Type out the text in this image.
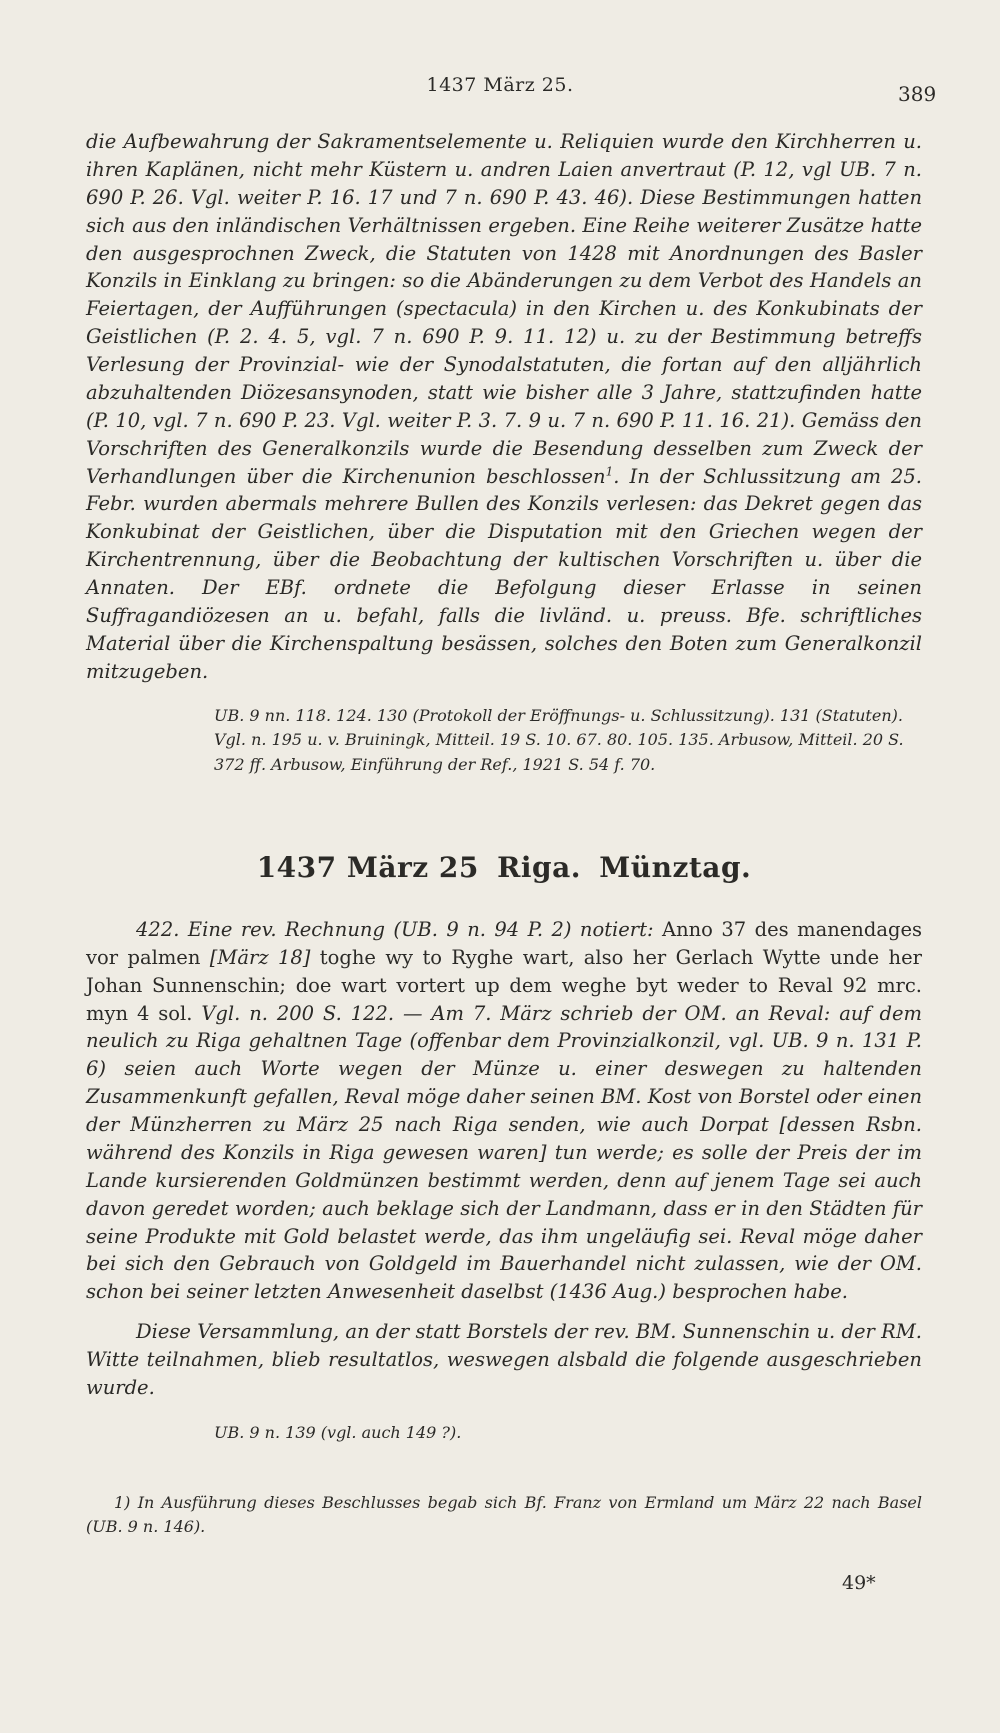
1437 März 25.	389

die Aufbewahrung der Sakramentselemente u. Reliquien wurde den Kirchherren u. ihren Kaplänen, nicht mehr Küstern u. andren Laien anvertraut (P. 12, vgl UB. 7 n. 690 P. 26. Vgl. weiter P. 16. 17 und 7 n. 690 P. 43. 46). Diese Bestimmungen hatten sich aus den inländischen Verhältnissen ergeben. Eine Reihe weiterer Zusätze hatte den ausgesprochnen Zweck, die Statuten von 1428 mit Anordnungen des Basler Konzils in Einklang zu bringen: so die Abänderungen zu dem Verbot des Handels an Feiertagen, der Aufführungen (spectacula) in den Kirchen u. des Konkubinats der Geistlichen (P. 2. 4. 5, vgl. 7 n. 690 P. 9. 11. 12) u. zu der Bestimmung betreffs Verlesung der Provinzial- wie der Synodalstatuten, die fortan auf den alljährlich abzuhaltenden Diözesansynoden, statt wie bisher alle 3 Jahre, stattzufinden hatte (P. 10, vgl. 7 n. 690 P. 23. Vgl. weiter P. 3. 7. 9 u. 7 n. 690 P. 11. 16. 21). Gemäss den Vorschriften des Generalkonzils wurde die Besendung desselben zum Zweck der Verhandlungen über die Kirchenunion beschlossen$^1$. In der Schlussitzung am 25. Febr. wurden abermals mehrere Bullen des Konzils verlesen: das Dekret gegen das Konkubinat der Geistlichen, über die Disputation mit den Griechen wegen der Kirchentrennung, über die Beobachtung der kultischen Vorschriften u. über die Annaten. Der EBf. ordnete die Befolgung dieser Erlasse in seinen Suffragandiözesen an u. befahl, falls die livländ. u. preuss. Bfe. schriftliches Material über die Kirchenspaltung besässen, solches den Boten zum Generalkonzil mitzugeben.

UB. 9 nn. 118. 124. 130 (Protokoll der Eröffnungs- u. Schlussitzung). 131 (Statuten). Vgl. n. 195 u. v. Bruiningk, Mitteil. 19 S. 10. 67. 80. 105. 135. Arbusow, Mitteil. 20 S. 372 ff. Arbusow, Einführung der Ref., 1921 S. 54 f. 70.

1437 März 25 Riga. Münztag.

422. Eine rev. Rechnung (UB. 9 n. 94 P. 2) notiert: Anno 37 des manendages vor palmen [März 18] toghe wy to Ryghe wart, also her Gerlach Wytte unde her Johan Sunnenschin; doe wart vortert up dem weghe byt weder to Reval 92 mrc. myn 4 sol. Vgl. n. 200 S. 122. — Am 7. März schrieb der OM. an Reval: auf dem neulich zu Riga gehaltnen Tage (offenbar dem Provinzialkonzil, vgl. UB. 9 n. 131 P. 6) seien auch Worte wegen der Münze u. einer deswegen zu haltenden Zusammenkunft gefallen, Reval möge daher seinen BM. Kost von Borstel oder einen der Münzherren zu März 25 nach Riga senden, wie auch Dorpat [dessen Rsbn. während des Konzils in Riga gewesen waren] tun werde; es solle der Preis der im Lande kursierenden Goldmünzen bestimmt werden, denn auf jenem Tage sei auch davon geredet worden; auch beklage sich der Landmann, dass er in den Städten für seine Produkte mit Gold belastet werde, das ihm ungeläufig sei. Reval möge daher bei sich den Gebrauch von Goldgeld im Bauerhandel nicht zulassen, wie der OM. schon bei seiner letzten Anwesenheit daselbst (1436 Aug.) besprochen habe.

Diese Versammlung, an der statt Borstels der rev. BM. Sunnenschin u. der RM. Witte teilnahmen, blieb resultatlos, weswegen alsbald die folgende ausgeschrieben wurde.

UB. 9 n. 139 (vgl. auch 149 ?).

1) In Ausführung dieses Beschlusses begab sich Bf. Franz von Ermland um März 22 nach Basel (UB. 9 n. 146).

49*
